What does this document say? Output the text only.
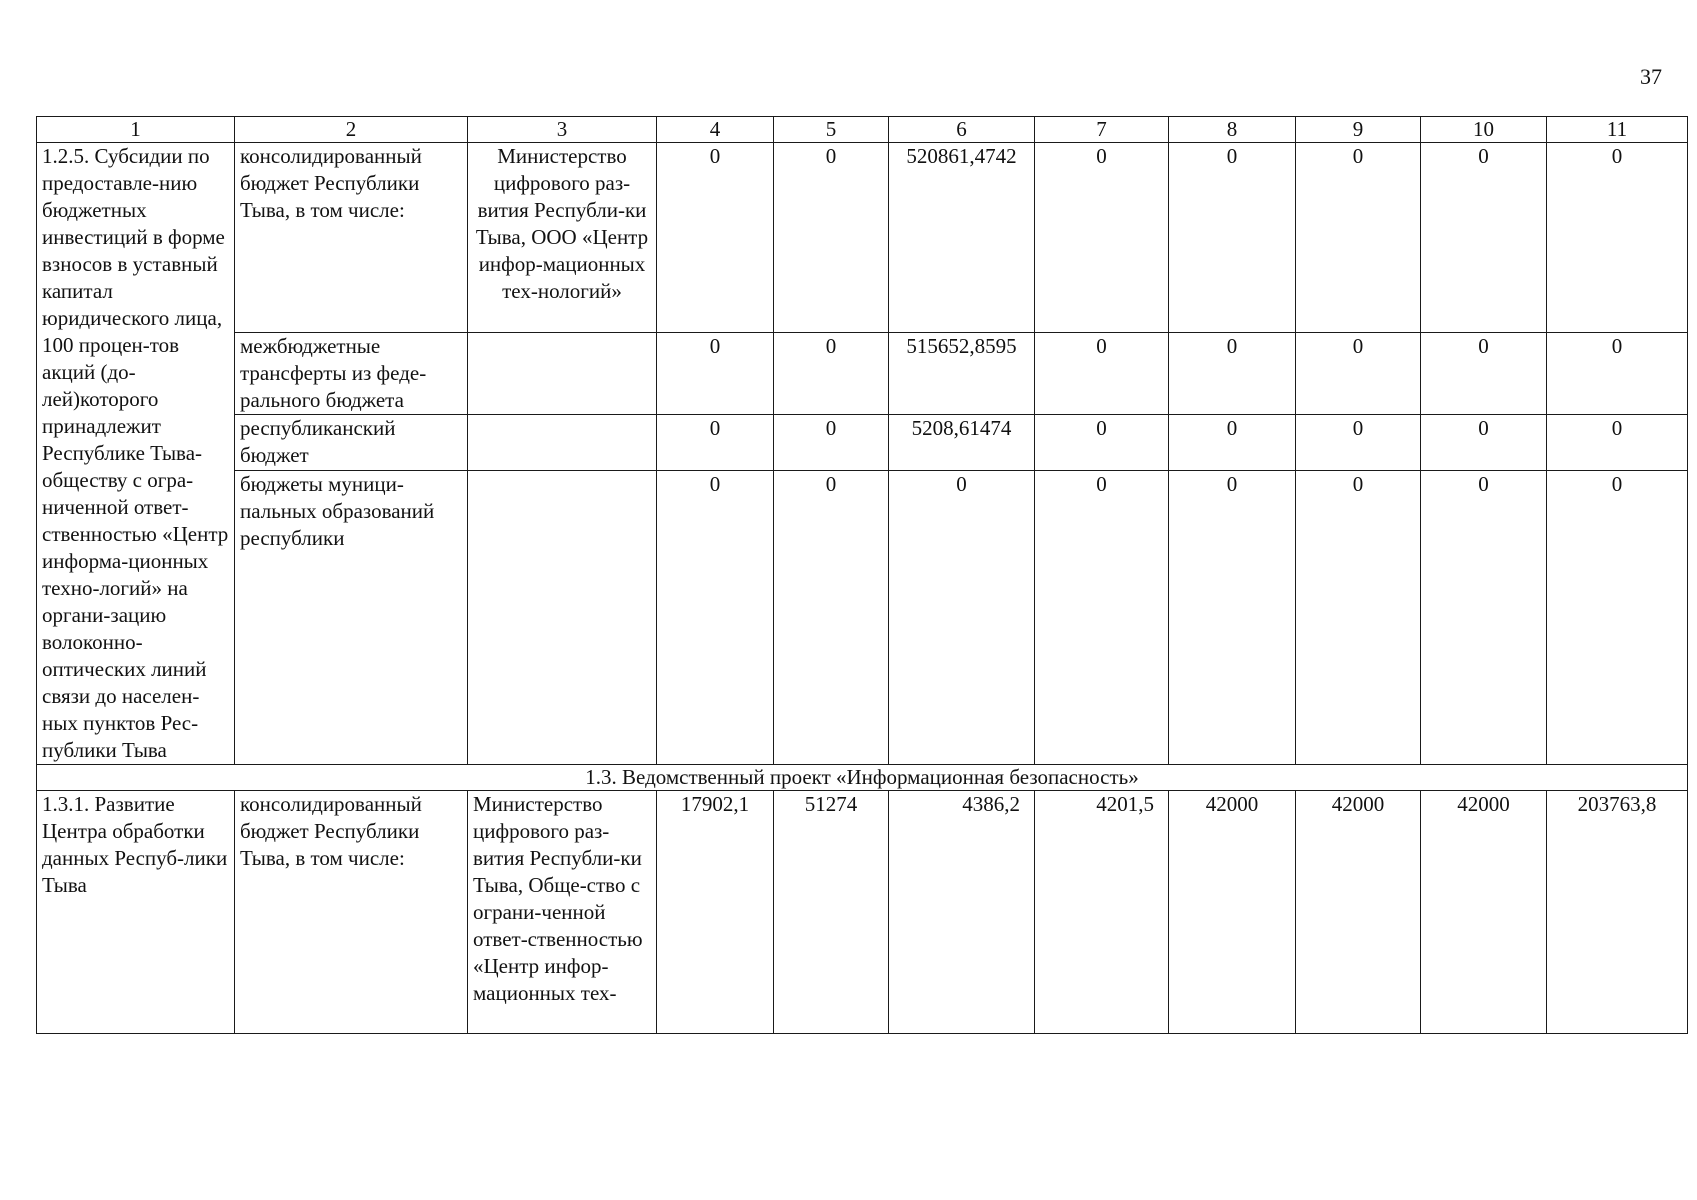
37
1	2	3	4	5	6	7	8	9	10	11
1.2.5. Субсидии по предоставле-нию бюджетных инвестиций в форме взносов в уставный капитал юридического лица, 100 процен-тов акций (до-лей)которого принадлежит Республике Тыва-обществу с огра-ниченной ответ-ственностью «Центр информа-ционных техно-логий» на органи-зацию волоконно-оптических линий связи до населен-ных пунктов Рес-публики Тыва	консолидированный бюджет Республики Тыва, в том числе:	Министерство цифрового раз-вития Республи-ки Тыва, ООО «Центр инфор-мационных тех-нологий»	0	0	520861,4742	0	0	0	0	0
	межбюджетные трансферты из феде-рального бюджета		0	0	515652,8595	0	0	0	0	0
	республиканский бюджет		0	0	5208,61474	0	0	0	0	0
	бюджеты муници-пальных образований республики		0	0	0	0	0	0	0	0
1.3. Ведомственный проект «Информационная безопасность»										

1.3.1. Развитие Центра обработки данных Респуб-лики Тыва	консолидированный бюджет Республики Тыва, в том числе:	Министерство цифрового раз-вития Республи-ки Тыва, Обще-ство с ограни-ченной ответ-ственностью «Центр инфор-мационных тех-	17902,1	51274	4386,2	4201,5	42000	42000	42000	203763,8
